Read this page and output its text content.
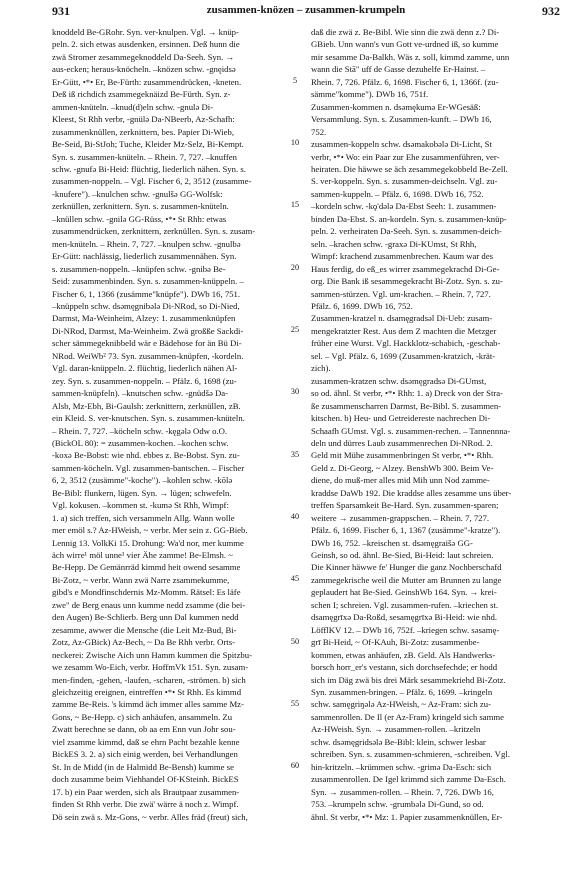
931	zusammen-knözen – zusammen-krumpeln	932

knoddeld Be-GRohr. Syn. ver-knulpen. Vgl. → knüp-

peln. 2. sich etwas ausdenken, ersinnen. Deß hunn die

zwä Stromer zesammegeknoddeld Da-Seeh. Syn. →

aus-ecken; heraus-knöcheln. –knözen schw. -gnęidsə

Er-Gütt, •*• Er, Be-Fürth: zusammendrücken, -kneten.

Deß iß richdich zsammegeknäizd Be-Fürth. Syn. z-

ammen-knüteln. –knud(d)eln schw. -gnulə Di-

Kleest, St Rhh verbr, -gnülə Da-NBeerb, Az-Schafh:

zusammenknüllen, zerknittern, bes. Papier Di-Wieb,

Be-Seid, Bi-StJoh; Tuche, Kleider Mz-Selz, Bi-Kempt.

Syn. s. zusammen-knüteln. – Rhein. 7, 727. –knuffen

schw. -gnufə Bi-Heid: flüchtig, liederlich nähen. Syn. s.

zusammen-noppeln. – Vgl. Fischer 6, 2, 3512 (zusamme-

-knufere"). –knulchen schw. -gnulšə GG-Wolfsk:

zerknüllen, zerknittern. Syn. s. zusammen-knüteln.

–knüllen schw. -gnilə GG-Rüss, •*• St Rhh: etwas

zusammendrücken, zerknittern, zerknüllen. Syn. s. zusam-

men-knüteln. – Rhein. 7, 727. –knulpen schw. -gnulbə

Er-Gütt: nachlässig, liederlich zusammennähen. Syn.

s. zusammen-noppeln. –knüpfen schw. -gnibə Be-

Seid: zusammenbinden. Syn. s. zusammen-knüppeln. –

Fischer 6, 1, 1366 (zusämme"knüpfe"). DWb 16, 751.

–knüppeln schw. dsəmęgnibələ Di-NRod, so Di-Nied,

Darmst, Ma-Weinheim, Alzey: 1. zusammenknüpfen

Di-NRod, Darmst, Ma-Weinheim. Zwä großße Sackdi-

scher sämmegeknibbeld wär e Bädehose for än Bü Di-

NRod. WeiWb² 73. Syn. zusammen-knüpfen, -kordeln.

Vgl. daran-knüppeln. 2. flüchtig, liederlich nähen Al-

zey. Syn. s. zusammen-noppeln. – Pfälz. 6, 1698 (zu-

sammen-knüpfeln). –knutschen schw. -gnüdšə Da-

Alsb, Mz-Ebh, Bi-Gaulsh: zerknittern, zerknüllen, zB.

ein Kleid. S. ver-knutschen. Syn. s. zusammen-knüteln.

– Rhein. 7, 727. –köcheln schw. -kęgələ Odw o.O.

(BickOL 80): = zusammen-kochen. –kochen schw.

-koxə Be-Bobst: wie nhd. ebbes z. Be-Bobst. Syn. zu-

sammen-köcheln. Vgl. zusammen-bantschen. – Fischer

6, 2, 3512 (zusämme"-koche"). –kohlen schw. -kōlə

Be-Bibl: flunkern, lügen. Syn. → lügen; schwefeln.

Vgl. kokusen. –kommen st. -kumə St Rhh, Wimpf:

1. a) sich treffen, sich versammeln Allg. Wann wolle

mer emöl s.? Az-HWeish, ~ verbr. Mer sein z. GG-Bieb.

Lennig 13. VolkKi 15. Drohung: Wa'd nor, mer kumme

äch wirre¹ möl unne¹ vier Ähe zamme! Be-Elmsh. ~

Be-Hepp. De Gemänrräd kimmd heit owend sesamme

Bi-Zotz, ~ verbr. Wann zwä Narre zsammekumme,

gibd's e Mondfinschdernis Mz-Momm. Rätsel: Es läfe

zwe" de Berg enaus unn kumme nedd zsamme (die bei-

den Augen) Be-Schlierb. Berg unn Dal kummen nedd

zesamme, awwer die Mensche (die Leit Mz-Bud, Bi-

Zotz, Az-GBick) Az-Bech, ~ Da Be Rhh verbr. Orts-

neckerei: Zwische Aich unn Hamm kummen die Spitzbu-

we zesamm Wo-Eich, verbr. HoffmVk 151. Syn. zusam-

men-finden, -gehen, -laufen, -scharen, -strömen. b) sich

gleichzeitig ereignen, eintreffen •*• St Rhh. Es kimmd

zamme Be-Reis. 's kimmd äch immer alles samme Mz-

Gons, ~ Be-Hepp. c) sich anhäufen, ansammeln. Zu

Zwatt berechne se dann, ob aa em Enn vun Johr sou-

viel zsamme kimmd, daß se ehrn Pacht bezahle kenne

BickES 3. 2. a) sich einig werden, bei Verhandlungen

St. In de Midd (in de Halmidd Be-Bensh) kumme se

doch zusamme beim Viehhandel Of-KSteinh. BickES

17. b) ein Paar werden, sich als Brautpaar zusammen-

finden St Rhh verbr. Die zwä' wärre ä noch z. Wimpf.

Dö sein zwä s. Mz-Gons, ~ verbr. Alles fräd (freut) sich,

5
10
15
20
25
30
35
40
45
50
55
60

daß die zwä z. Be-Bibl. Wie sinn die zwä denn z.? Di-

GBieb. Unn wann's vun Gott ve-urdned iß, so kumme

mir sesamme Da-Balkh. Wäs z. soll, kimmd zamme, unn

wann die Stā" uff de Gasse dezuhelfe Er-Hainst. –

Rhein. 7, 726. Pfälz. 6, 1698. Fischer 6, 1, 1366f. (zu-

sämme"komme"). DWb 16, 751f.

Zusammen-kommen n. dsəmękumə Er-WGesäß:

Versammlung. Syn. s. Zusammen-kunft. – DWb 16,

752.

zusammen-koppeln schw. dsəmakobələ Di-Licht, St

verbr, •*• Wo: ein Paar zur Ehe zusammenführen, ver-

heiraten. Die häwwe se äch zesammegekobbeld Be-Zell.

S. ver-koppeln. Syn. s. zusammen-deichseln. Vgl. zu-

sammen-kuppeln. – Pfälz. 6, 1698. DWb 16, 752.

–kordeln schw. -kǫ'dələ Da-Ebst Seeh: 1. zusammen-

binden Da-Ebst. S. an-kordeln. Syn. s. zusammen-knüp-

peln. 2. verheiraten Da-Seeh. Syn. s. zusammen-deich-

seln. –krachen schw. -graxə Di-KUmst, St Rhh,

Wimpf: krachend zusammenbrechen. Kaum war des

Haus ferdig, do eß_es wirrer zsammegekrachd Di-Ge-

org. Die Bank iß sesammegekracht Bi-Zotz. Syn. s. zu-

sammen-stürzen. Vgl. um-krachen. – Rhein. 7, 727.

Pfälz. 6, 1699. DWb 16, 752.

Zusammen-kratzel n. dsamęgradsəl Di-Ueb: zusam-

mengekratzter Rest. Aus dem Z machten die Metzger

früher eine Wurst. Vgl. Hackklotz-schabich, -geschab-

sel. – Vgl. Pfälz. 6, 1699 (Zusammen-kratzich, -krät-

zich).

zusammen-kratzen schw. dsəmęgradsə Di-GUmst,

so od. ähnl. St verbr, •*• Rhh: 1. a) Dreck von der Stra-

ße zusammenscharren Darmst, Be-Bibl. S. zusammen-

kitschen. b) Heu- und Getreidereste nachrechen Di-

Schaafh GUmst. Vgl. s. zusammen-rechen. – Tannennna-

deln und dürres Laub zusammenrechen Di-NRod. 2.

Geld mit Mühe zusammenbringen St verbr, •*• Rhh.

Geld z. Di-Georg, ~ Alzey. BenshWb 300. Beim Ve-

diene, do muß-mer alles mid Mih unn Nod zamme-

kraddse DaWb 192. Die kraddse alles zesamme uns über-

treffen Sparsamkeit Be-Hard. Syn. zusammen-sparen;

weitere → zusammen-grappschen. – Rhein. 7, 727.

Pfälz. 6, 1699. Fischer 6, 1, 1367 (zusämme"-kratze").

DWb 16, 752. –kreischen st. dsəmęgraišə GG-

Geinsh, so od. ähnl. Be-Sied, Bi-Heid: laut schreien.

Die Kinner häwwe fe' Hunger die ganz Nochberschafd

zammegekrische weil die Mutter am Brunnen zu lange

geplaudert hat Be-Sied. GeinshWb 164. Syn. → krei-

schen I; schreien. Vgl. zusammen-rufen. –kriechen st.

dsamęgrīxə Da-Roßd, sesamęgrīxə Bi-Heid: wie nhd.

LöfflKV 12. – DWb 16, 752f. –kriegen schw. səsamę-

grī Bi-Heid, ~ Of-KAuh, Bi-Zotz: zusammenbe-

kommen, etwas anhäufen, zB. Geld. Als Handwerks-

borsch horr_er's vestann, sich dorchsefechde; er hodd

sich im Däg zwä bis drei Märk sesammekriehd Bi-Zotz.

Syn. zusammen-bringen. – Pfälz. 6, 1699. –kringeln

schw. samęgriŋələ Az-HWeish, ~ Az-Fram: sich zu-

sammenrollen. De Il (er Az-Fram) kringeld sich samme

Az-HWeish. Syn. → zusammen-rollen. –kritzeln

schw. dsəmęgridsələ Be-Bibl: klein, schwer lesbar

schreiben. Syn. s. zusammen-schmieren, -schreiben. Vgl.

hin-kritzeln. –krümmen schw. -grimə Da-Esch: sich

zusammenrollen. De Igel krimmd sich zamme Da-Esch.

Syn. → zusammen-rollen. – Rhein. 7, 726. DWb 16,

753. –krumpeln schw. -grumbələ Di-Gund, so od.

ähnl. St verbr, •*• Mz: 1. Papier zusammenknüllen, Er-
